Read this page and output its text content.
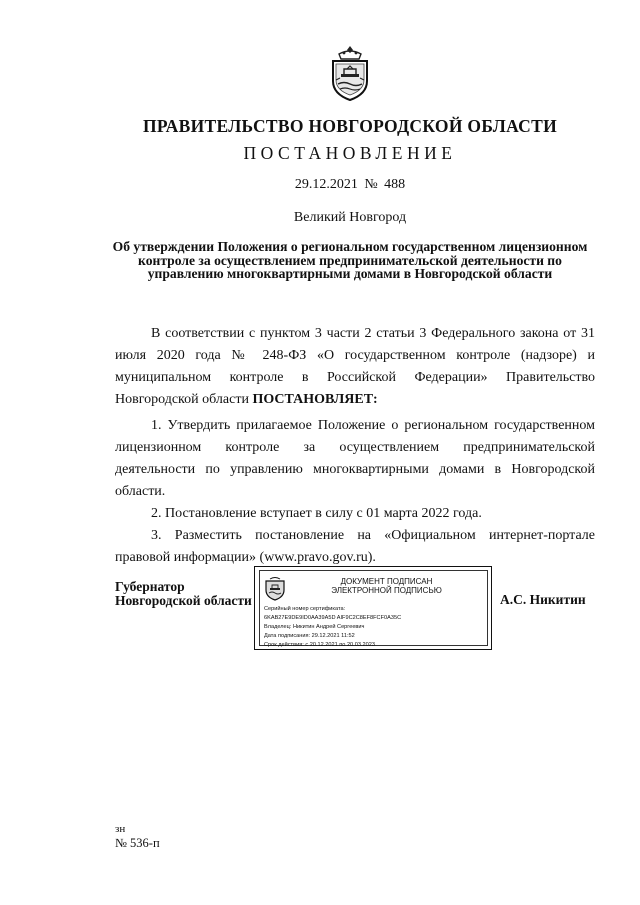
ПРАВИТЕЛЬСТВО НОВГОРОДСКОЙ ОБЛАСТИ
ПОСТАНОВЛЕНИЕ
29.12.2021 № 488
Великий Новгород
Об утверждении Положения о региональном государственном лицензионном контроле за осуществлением предпринимательской деятельности по управлению многоквартирными домами в Новгородской области

В соответствии с пунктом 3 части 2 статьи 3 Федерального закона от 31 июля 2020 года № 248-ФЗ «О государственном контроле (надзоре) и муниципальном контроле в Российской Федерации» Правительство Новгородской области ПОСТАНОВЛЯЕТ:

1. Утвердить прилагаемое Положение о региональном государственном лицензионном контроле за осуществлением предпринимательской деятельности по управлению многоквартирными домами в Новгородской области.

2. Постановление вступает в силу с 01 марта 2022 года.

3. Разместить постановление на «Официальном интернет-портале правовой информации» (www.pravo.gov.ru).

Губернатор
Новгородской области
ДОКУМЕНТ ПОДПИСАН
ЭЛЕКТРОННОЙ ПОДПИСЬЮ
Серийный номер сертификата:
6KAB27E9DE9ID0AA39A5D AIF9C2C8EF8FCF0A35C
Владелец: Никитин Андрей Сергеевич
Дата подписания: 29.12.2021 11:52
Срок действия: с 20.12.2021 по 20.03.2023
А.С. Никитин
зн
№ 536-п
